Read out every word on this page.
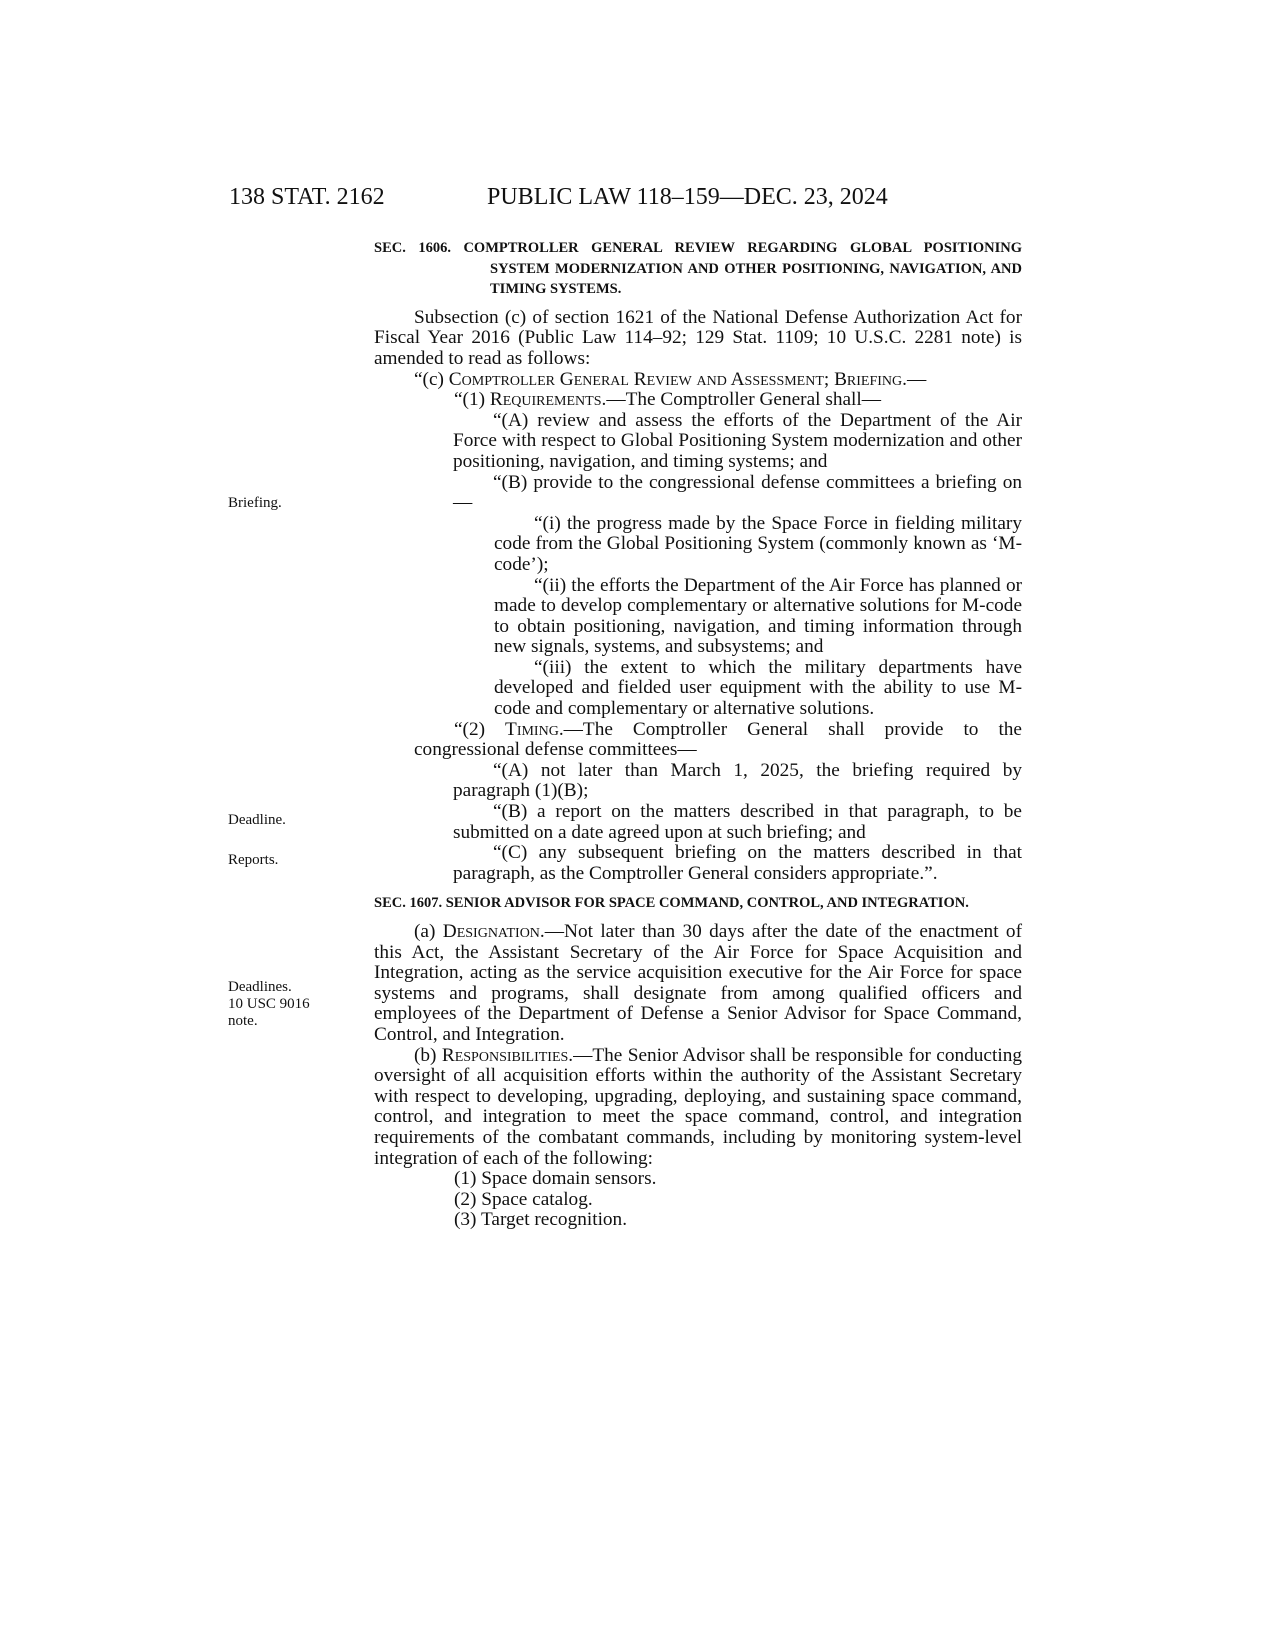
138 STAT. 2162	PUBLIC LAW 118–159—DEC. 23, 2024
Briefing.
Deadline.
Reports.
Deadlines.
10 USC 9016
note.

SEC. 1606. COMPTROLLER GENERAL REVIEW REGARDING GLOBAL POSITIONING SYSTEM MODERNIZATION AND OTHER POSITIONING, NAVIGATION, AND TIMING SYSTEMS.

Subsection (c) of section 1621 of the National Defense Authorization Act for Fiscal Year 2016 (Public Law 114–92; 129 Stat. 1109; 10 U.S.C. 2281 note) is amended to read as follows:

“(c) Comptroller General Review and Assessment; Briefing.—

“(1) Requirements.—The Comptroller General shall—

“(A) review and assess the efforts of the Department of the Air Force with respect to Global Positioning System modernization and other positioning, navigation, and timing systems; and

“(B) provide to the congressional defense committees a briefing on—

“(i) the progress made by the Space Force in fielding military code from the Global Positioning System (commonly known as ‘M-code’);

“(ii) the efforts the Department of the Air Force has planned or made to develop complementary or alternative solutions for M-code to obtain positioning, navigation, and timing information through new signals, systems, and subsystems; and

“(iii) the extent to which the military departments have developed and fielded user equipment with the ability to use M-code and complementary or alternative solutions.

“(2) Timing.—The Comptroller General shall provide to the congressional defense committees—

“(A) not later than March 1, 2025, the briefing required by paragraph (1)(B);

“(B) a report on the matters described in that paragraph, to be submitted on a date agreed upon at such briefing; and

“(C) any subsequent briefing on the matters described in that paragraph, as the Comptroller General considers appropriate.”.

SEC. 1607. SENIOR ADVISOR FOR SPACE COMMAND, CONTROL, AND INTEGRATION.

(a) Designation.—Not later than 30 days after the date of the enactment of this Act, the Assistant Secretary of the Air Force for Space Acquisition and Integration, acting as the service acquisition executive for the Air Force for space systems and programs, shall designate from among qualified officers and employees of the Department of Defense a Senior Advisor for Space Command, Control, and Integration.

(b) Responsibilities.—The Senior Advisor shall be responsible for conducting oversight of all acquisition efforts within the authority of the Assistant Secretary with respect to developing, upgrading, deploying, and sustaining space command, control, and integration to meet the space command, control, and integration requirements of the combatant commands, including by monitoring system-level integration of each of the following:

(1) Space domain sensors.

(2) Space catalog.

(3) Target recognition.
